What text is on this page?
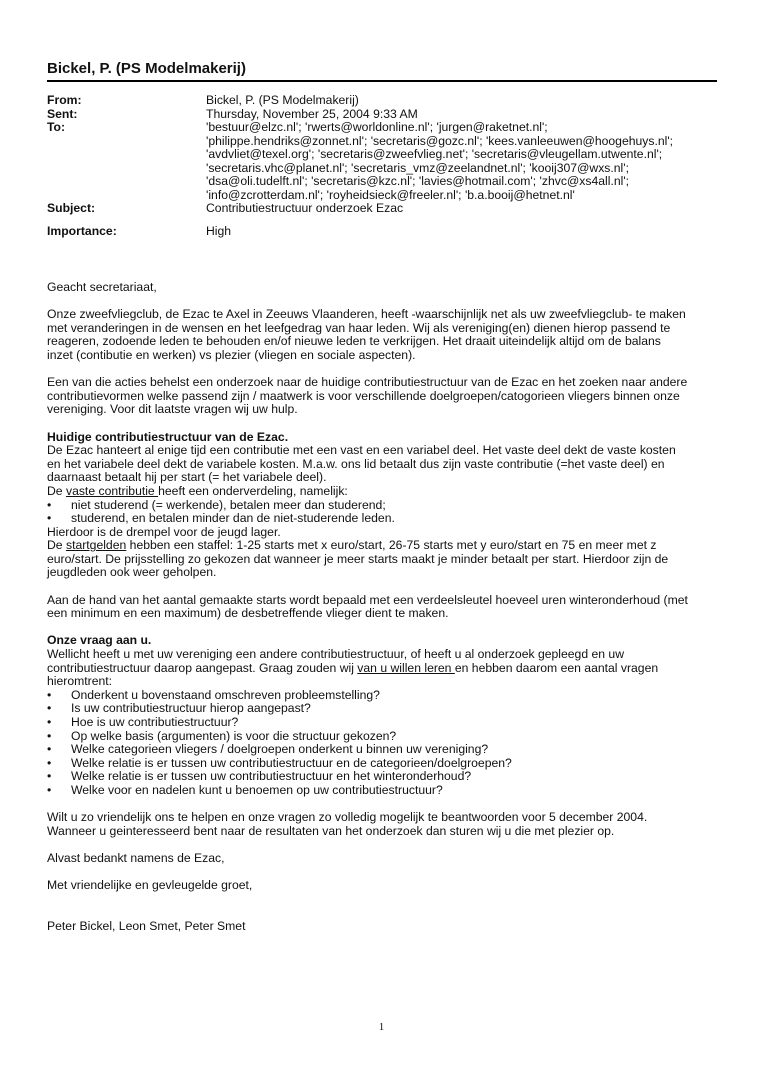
Bickel, P. (PS Modelmakerij)
From:	Bickel, P. (PS Modelmakerij)
Sent:	Thursday, November 25, 2004 9:33 AM
To:	'bestuur@elzc.nl'; 'rwerts@worldonline.nl'; 'jurgen@raketnet.nl';
'philippe.hendriks@zonnet.nl'; 'secretaris@gozc.nl'; 'kees.vanleeuwen@hoogehuys.nl';
'avdvliet@texel.org'; 'secretaris@zweefvlieg.net'; 'secretaris@vleugellam.utwente.nl';
'secretaris.vhc@planet.nl'; 'secretaris_vmz@zeelandnet.nl'; 'kooij307@wxs.nl';
'dsa@oli.tudelft.nl'; 'secretaris@kzc.nl'; 'lavies@hotmail.com'; 'zhvc@xs4all.nl';
'info@zcrotterdam.nl'; 'royheidsieck@freeler.nl'; 'b.a.booij@hetnet.nl'
Subject:	Contributiestructuur onderzoek Ezac
Importance:	High

Geacht secretariaat,

Onze zweefvliegclub, de Ezac te Axel in Zeeuws Vlaanderen, heeft -waarschijnlijk net als uw zweefvliegclub- te maken

met veranderingen in de wensen en het leefgedrag van haar leden. Wij als vereniging(en) dienen hierop passend te

reageren, zodoende leden te behouden en/of nieuwe leden te verkrijgen. Het draait uiteindelijk altijd om de balans

inzet (contibutie en werken) vs plezier (vliegen en sociale aspecten).

Een van die acties behelst een onderzoek naar de huidige contributiestructuur van de Ezac en het zoeken naar andere

contributievormen welke passend zijn / maatwerk is voor verschillende doelgroepen/catogorieen vliegers binnen onze

vereniging. Voor dit laatste vragen wij uw hulp.

Huidige contributiestructuur van de Ezac.

De Ezac hanteert al enige tijd een contributie met een vast en een variabel deel. Het vaste deel dekt de vaste kosten

en het variabele deel dekt de variabele kosten. M.a.w. ons lid betaalt dus zijn vaste contributie (=het vaste deel) en

daarnaast betaalt hij per start (= het variabele deel).

De vaste contributie heeft een onderverdeling, namelijk:

•	niet studerend (= werkende), betalen meer dan studerend;
•	studerend, en betalen minder dan de niet-studerende leden.

Hierdoor is de drempel voor de jeugd lager.

De startgelden hebben een staffel: 1-25 starts met x euro/start, 26-75 starts met y euro/start en 75 en meer met z

euro/start. De prijsstelling zo gekozen dat wanneer je meer starts maakt je minder betaalt per start. Hierdoor zijn de

jeugdleden ook weer geholpen.

Aan de hand van het aantal gemaakte starts wordt bepaald met een verdeelsleutel hoeveel uren winteronderhoud (met

een minimum en een maximum) de desbetreffende vlieger dient te maken.

Onze vraag aan u.

Wellicht heeft u met uw vereniging een andere contributiestructuur, of heeft u al onderzoek gepleegd en uw

contributiestructuur daarop aangepast. Graag zouden wij van u willen leren en hebben daarom een aantal vragen

hieromtrent:

•	Onderkent u bovenstaand omschreven probleemstelling?
•	Is uw contributiestructuur hierop aangepast?
•	Hoe is uw contributiestructuur?
•	Op welke basis (argumenten) is voor die structuur gekozen?
•	Welke categorieen vliegers / doelgroepen onderkent u binnen uw vereniging?
•	Welke relatie is er tussen uw contributiestructuur en de categorieen/doelgroepen?
•	Welke relatie is er tussen uw contributiestructuur en het winteronderhoud?
•	Welke voor en nadelen kunt u benoemen op uw contributiestructuur?

Wilt u zo vriendelijk ons te helpen en onze vragen zo volledig mogelijk te beantwoorden voor 5 december 2004.

Wanneer u geinteresseerd bent naar de resultaten van het onderzoek dan sturen wij u die met plezier op.

Alvast bedankt namens de Ezac,

Met vriendelijke en gevleugelde groet,

Peter Bickel, Leon Smet, Peter Smet

1
